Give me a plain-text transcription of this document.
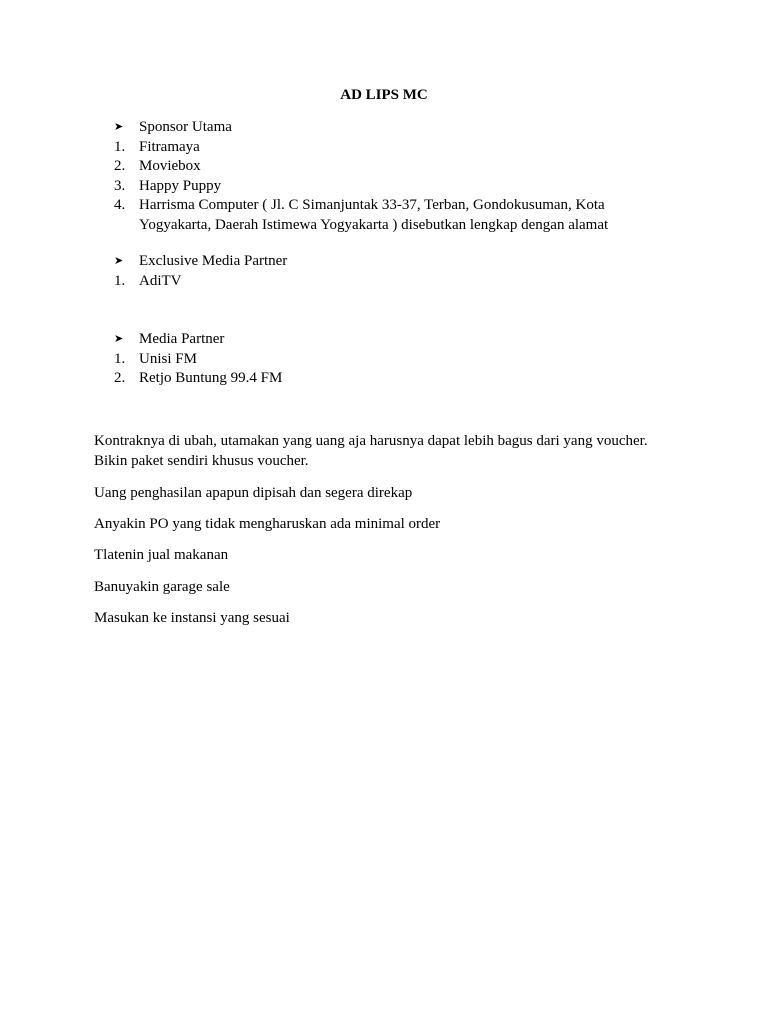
AD LIPS MC
➤ Sponsor Utama
1. Fitramaya
2. Moviebox
3. Happy Puppy
4. Harrisma Computer ( Jl. C Simanjuntak 33-37, Terban, Gondokusuman, Kota
Yogyakarta, Daerah Istimewa Yogyakarta ) disebutkan lengkap dengan alamat
➤ Exclusive Media Partner
1. AdiTV
➤ Media Partner
1. Unisi FM
2. Retjo Buntung 99.4 FM
Kontraknya di ubah, utamakan yang uang aja harusnya dapat lebih bagus dari yang voucher.
Bikin paket sendiri khusus voucher.
Uang penghasilan apapun dipisah dan segera direkap
Anyakin PO yang tidak mengharuskan ada minimal order
Tlatenin jual makanan
Banuyakin garage sale
Masukan ke instansi yang sesuai
